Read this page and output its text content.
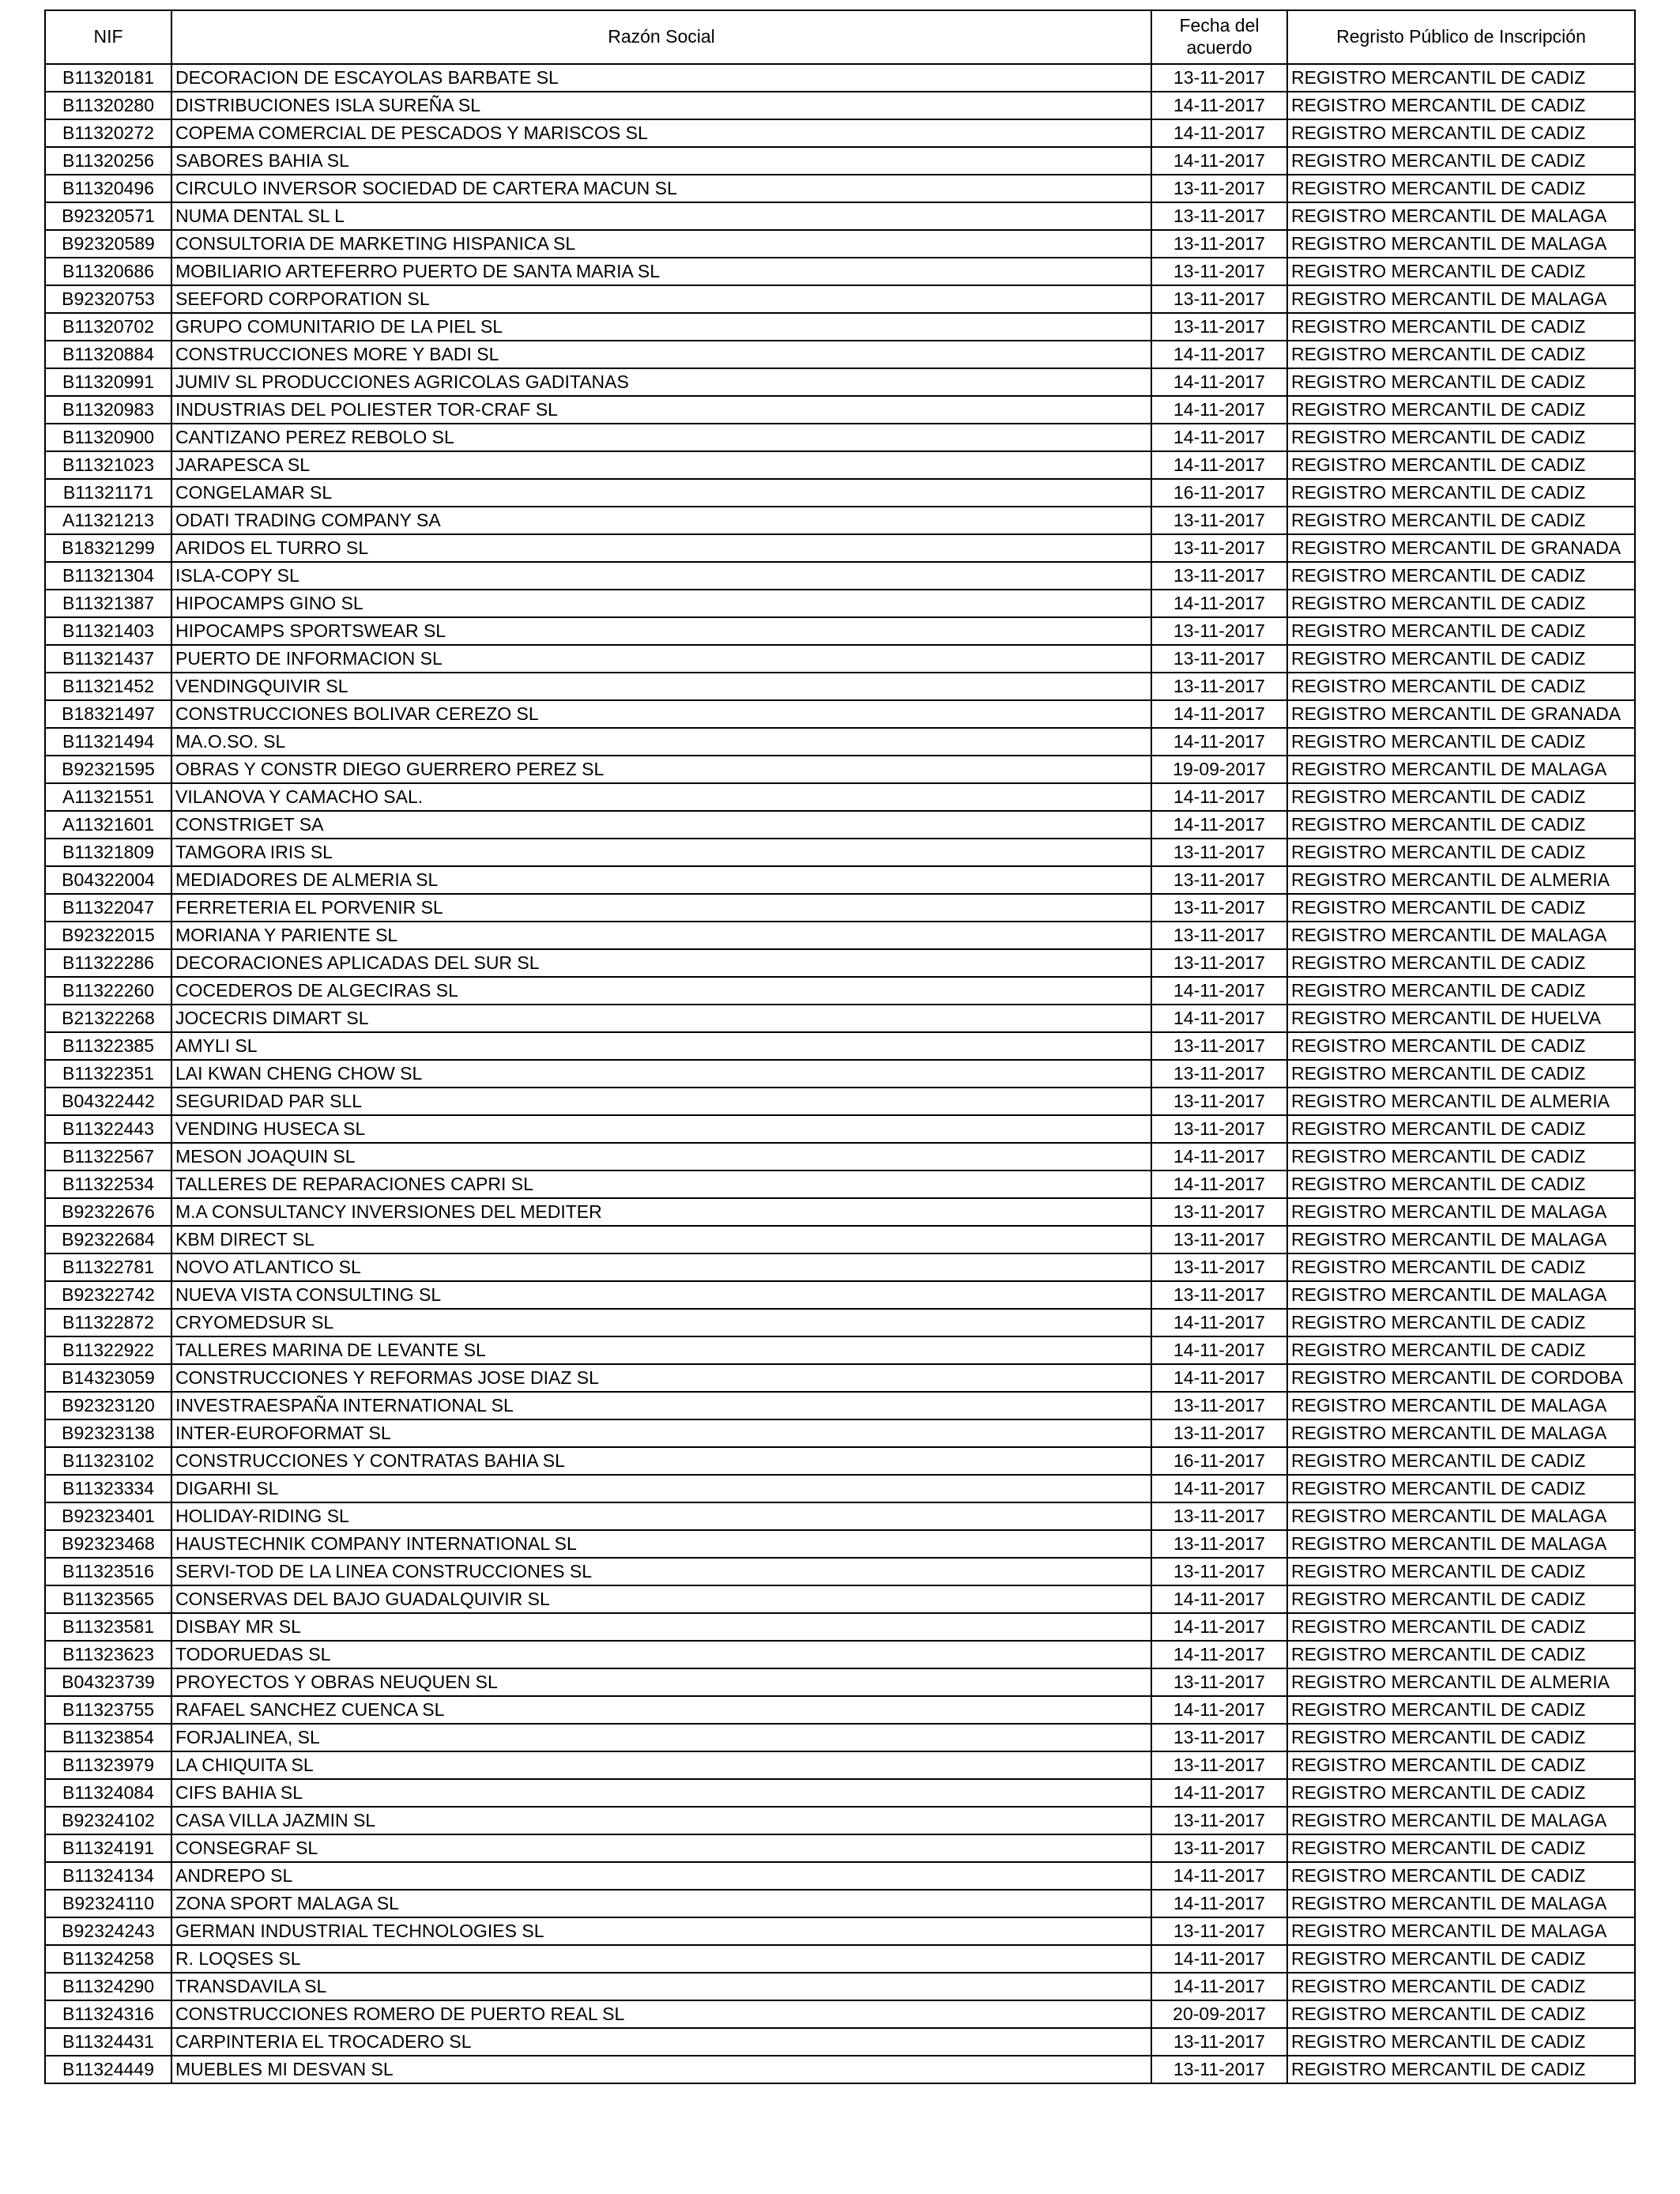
NIF	Razón Social	Fecha del acuerdo	Regristo Público de Inscripción
B11320181	DECORACION DE ESCAYOLAS BARBATE SL	13-11-2017	REGISTRO MERCANTIL DE CADIZ
B11320280	DISTRIBUCIONES ISLA SUREÑA SL	14-11-2017	REGISTRO MERCANTIL DE CADIZ
B11320272	COPEMA COMERCIAL DE PESCADOS Y MARISCOS SL	14-11-2017	REGISTRO MERCANTIL DE CADIZ
B11320256	SABORES BAHIA SL	14-11-2017	REGISTRO MERCANTIL DE CADIZ
B11320496	CIRCULO INVERSOR SOCIEDAD DE CARTERA MACUN SL	13-11-2017	REGISTRO MERCANTIL DE CADIZ
B92320571	NUMA DENTAL SL L	13-11-2017	REGISTRO MERCANTIL DE MALAGA
B92320589	CONSULTORIA DE MARKETING HISPANICA SL	13-11-2017	REGISTRO MERCANTIL DE MALAGA
B11320686	MOBILIARIO ARTEFERRO PUERTO DE SANTA MARIA SL	13-11-2017	REGISTRO MERCANTIL DE CADIZ
B92320753	SEEFORD CORPORATION SL	13-11-2017	REGISTRO MERCANTIL DE MALAGA
B11320702	GRUPO COMUNITARIO DE LA PIEL SL	13-11-2017	REGISTRO MERCANTIL DE CADIZ
B11320884	CONSTRUCCIONES MORE Y BADI SL	14-11-2017	REGISTRO MERCANTIL DE CADIZ
B11320991	JUMIV SL PRODUCCIONES AGRICOLAS GADITANAS	14-11-2017	REGISTRO MERCANTIL DE CADIZ
B11320983	INDUSTRIAS DEL POLIESTER TOR-CRAF SL	14-11-2017	REGISTRO MERCANTIL DE CADIZ
B11320900	CANTIZANO PEREZ REBOLO SL	14-11-2017	REGISTRO MERCANTIL DE CADIZ
B11321023	JARAPESCA SL	14-11-2017	REGISTRO MERCANTIL DE CADIZ
B11321171	CONGELAMAR SL	16-11-2017	REGISTRO MERCANTIL DE CADIZ
A11321213	ODATI TRADING COMPANY SA	13-11-2017	REGISTRO MERCANTIL DE CADIZ
B18321299	ARIDOS EL TURRO SL	13-11-2017	REGISTRO MERCANTIL DE GRANADA
B11321304	ISLA-COPY SL	13-11-2017	REGISTRO MERCANTIL DE CADIZ
B11321387	HIPOCAMPS GINO SL	14-11-2017	REGISTRO MERCANTIL DE CADIZ
B11321403	HIPOCAMPS SPORTSWEAR SL	13-11-2017	REGISTRO MERCANTIL DE CADIZ
B11321437	PUERTO DE INFORMACION SL	13-11-2017	REGISTRO MERCANTIL DE CADIZ
B11321452	VENDINGQUIVIR SL	13-11-2017	REGISTRO MERCANTIL DE CADIZ
B18321497	CONSTRUCCIONES BOLIVAR CEREZO SL	14-11-2017	REGISTRO MERCANTIL DE GRANADA
B11321494	MA.O.SO. SL	14-11-2017	REGISTRO MERCANTIL DE CADIZ
B92321595	OBRAS Y CONSTR DIEGO GUERRERO PEREZ SL	19-09-2017	REGISTRO MERCANTIL DE MALAGA
A11321551	VILANOVA Y CAMACHO SAL.	14-11-2017	REGISTRO MERCANTIL DE CADIZ
A11321601	CONSTRIGET SA	14-11-2017	REGISTRO MERCANTIL DE CADIZ
B11321809	TAMGORA IRIS SL	13-11-2017	REGISTRO MERCANTIL DE CADIZ
B04322004	MEDIADORES DE ALMERIA SL	13-11-2017	REGISTRO MERCANTIL DE ALMERIA
B11322047	FERRETERIA EL PORVENIR SL	13-11-2017	REGISTRO MERCANTIL DE CADIZ
B92322015	MORIANA Y PARIENTE SL	13-11-2017	REGISTRO MERCANTIL DE MALAGA
B11322286	DECORACIONES APLICADAS DEL SUR SL	13-11-2017	REGISTRO MERCANTIL DE CADIZ
B11322260	COCEDEROS DE ALGECIRAS SL	14-11-2017	REGISTRO MERCANTIL DE CADIZ
B21322268	JOCECRIS DIMART SL	14-11-2017	REGISTRO MERCANTIL DE HUELVA
B11322385	AMYLI SL	13-11-2017	REGISTRO MERCANTIL DE CADIZ
B11322351	LAI KWAN CHENG CHOW SL	13-11-2017	REGISTRO MERCANTIL DE CADIZ
B04322442	SEGURIDAD PAR SLL	13-11-2017	REGISTRO MERCANTIL DE ALMERIA
B11322443	VENDING HUSECA SL	13-11-2017	REGISTRO MERCANTIL DE CADIZ
B11322567	MESON JOAQUIN SL	14-11-2017	REGISTRO MERCANTIL DE CADIZ
B11322534	TALLERES DE REPARACIONES CAPRI SL	14-11-2017	REGISTRO MERCANTIL DE CADIZ
B92322676	M.A CONSULTANCY INVERSIONES DEL MEDITER	13-11-2017	REGISTRO MERCANTIL DE MALAGA
B92322684	KBM DIRECT SL	13-11-2017	REGISTRO MERCANTIL DE MALAGA
B11322781	NOVO ATLANTICO SL	13-11-2017	REGISTRO MERCANTIL DE CADIZ
B92322742	NUEVA VISTA CONSULTING SL	13-11-2017	REGISTRO MERCANTIL DE MALAGA
B11322872	CRYOMEDSUR SL	14-11-2017	REGISTRO MERCANTIL DE CADIZ
B11322922	TALLERES MARINA DE LEVANTE SL	14-11-2017	REGISTRO MERCANTIL DE CADIZ
B14323059	CONSTRUCCIONES Y REFORMAS JOSE DIAZ SL	14-11-2017	REGISTRO MERCANTIL DE CORDOBA
B92323120	INVESTRAESPAÑA INTERNATIONAL SL	13-11-2017	REGISTRO MERCANTIL DE MALAGA
B92323138	INTER-EUROFORMAT SL	13-11-2017	REGISTRO MERCANTIL DE MALAGA
B11323102	CONSTRUCCIONES Y CONTRATAS BAHIA SL	16-11-2017	REGISTRO MERCANTIL DE CADIZ
B11323334	DIGARHI SL	14-11-2017	REGISTRO MERCANTIL DE CADIZ
B92323401	HOLIDAY-RIDING SL	13-11-2017	REGISTRO MERCANTIL DE MALAGA
B92323468	HAUSTECHNIK COMPANY INTERNATIONAL SL	13-11-2017	REGISTRO MERCANTIL DE MALAGA
B11323516	SERVI-TOD DE LA LINEA CONSTRUCCIONES SL	13-11-2017	REGISTRO MERCANTIL DE CADIZ
B11323565	CONSERVAS DEL BAJO GUADALQUIVIR SL	14-11-2017	REGISTRO MERCANTIL DE CADIZ
B11323581	DISBAY MR SL	14-11-2017	REGISTRO MERCANTIL DE CADIZ
B11323623	TODORUEDAS SL	14-11-2017	REGISTRO MERCANTIL DE CADIZ
B04323739	PROYECTOS Y OBRAS NEUQUEN SL	13-11-2017	REGISTRO MERCANTIL DE ALMERIA
B11323755	RAFAEL SANCHEZ CUENCA SL	14-11-2017	REGISTRO MERCANTIL DE CADIZ
B11323854	FORJALINEA, SL	13-11-2017	REGISTRO MERCANTIL DE CADIZ
B11323979	LA CHIQUITA SL	13-11-2017	REGISTRO MERCANTIL DE CADIZ
B11324084	CIFS BAHIA SL	14-11-2017	REGISTRO MERCANTIL DE CADIZ
B92324102	CASA VILLA JAZMIN SL	13-11-2017	REGISTRO MERCANTIL DE MALAGA
B11324191	CONSEGRAF SL	13-11-2017	REGISTRO MERCANTIL DE CADIZ
B11324134	ANDREPO SL	14-11-2017	REGISTRO MERCANTIL DE CADIZ
B92324110	ZONA SPORT MALAGA SL	14-11-2017	REGISTRO MERCANTIL DE MALAGA
B92324243	GERMAN INDUSTRIAL TECHNOLOGIES SL	13-11-2017	REGISTRO MERCANTIL DE MALAGA
B11324258	R. LOQSES SL	14-11-2017	REGISTRO MERCANTIL DE CADIZ
B11324290	TRANSDAVILA SL	14-11-2017	REGISTRO MERCANTIL DE CADIZ
B11324316	CONSTRUCCIONES ROMERO DE PUERTO REAL SL	20-09-2017	REGISTRO MERCANTIL DE CADIZ
B11324431	CARPINTERIA EL TROCADERO SL	13-11-2017	REGISTRO MERCANTIL DE CADIZ
B11324449	MUEBLES MI DESVAN SL	13-11-2017	REGISTRO MERCANTIL DE CADIZ
